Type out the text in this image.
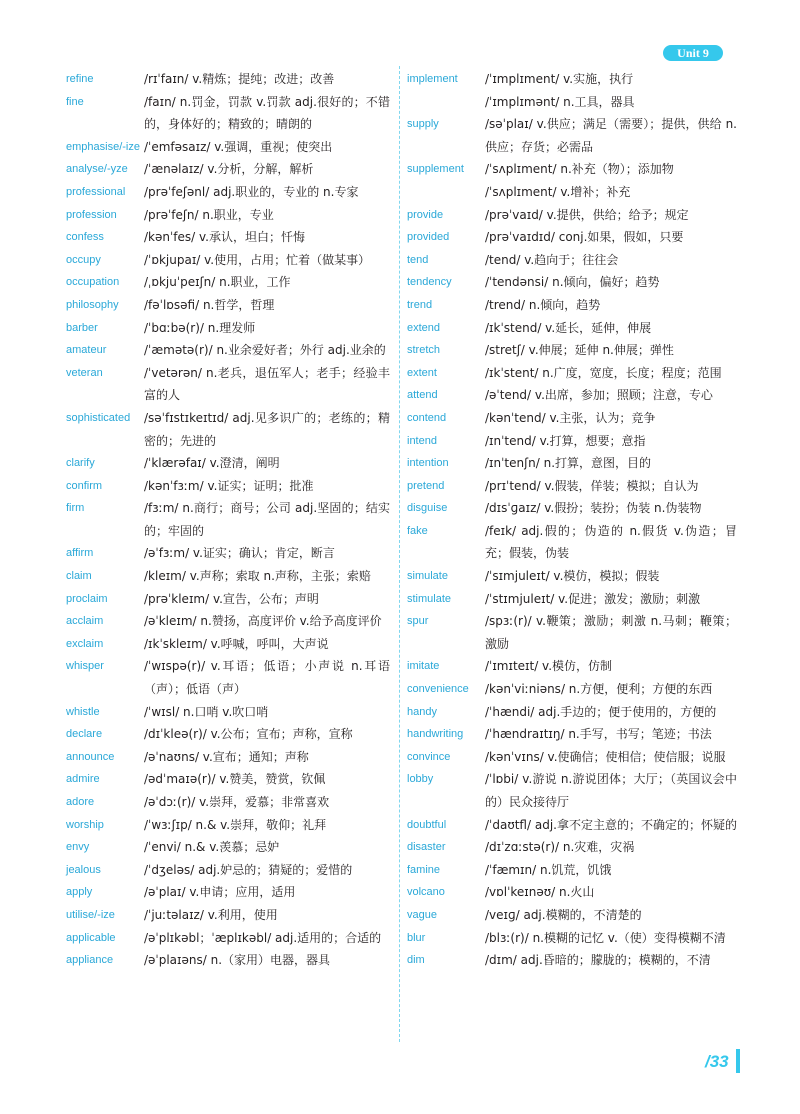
Unit 9
refine	/rɪˈfaɪn/ v.精炼；提纯；改进；改善
fine	/faɪn/ n.罚金，罚款 v.罚款 adj.很好的；不错的，身体好的；精致的；晴朗的
emphasise/-ize /ˈemfəsaɪz/ v.强调，重视；使突出
analyse/-yze	/ˈænəlaɪz/ v.分析，分解，解析
professional	/prəˈfeʃənl/ adj.职业的，专业的 n.专家
profession	/prəˈfeʃn/ n.职业，专业
confess	/kənˈfes/ v.承认，坦白；忏悔
occupy	/ˈɒkjupaɪ/ v.使用，占用；忙着（做某事）
occupation	/ˌɒkjuˈpeɪʃn/ n.职业，工作
philosophy	/fəˈlɒsəfi/ n.哲学，哲理
barber	/ˈbɑːbə(r)/ n.理发师
amateur	/ˈæmətə(r)/ n.业余爱好者；外行 adj.业余的
veteran	/ˈvetərən/ n.老兵，退伍军人；老手；经验丰富的人
sophisticated	/səˈfɪstɪkeɪtɪd/ adj.见多识广的；老练的；精密的；先进的
clarify	/ˈklærəfaɪ/ v.澄清，阐明
confirm	/kənˈfɜːm/ v.证实；证明；批准
firm	/fɜːm/ n.商行；商号；公司 adj.坚固的；结实的；牢固的
affirm	/əˈfɜːm/ v.证实；确认；肯定，断言
claim	/kleɪm/ v.声称；索取 n.声称，主张；索赔
proclaim	/prəˈkleɪm/ v.宣告，公布；声明
acclaim	/əˈkleɪm/ n.赞扬，高度评价 v.给予高度评价
exclaim	/ɪkˈskleɪm/ v.呼喊，呼叫，大声说
whisper	/ˈwɪspə(r)/ v.耳语；低语；小声说 n.耳语（声）；低语（声）
whistle	/ˈwɪsl/ n.口哨 v.吹口哨
declare	/dɪˈkleə(r)/ v.公布；宣布；声称，宣称
announce	/əˈnaʊns/ v.宣布；通知；声称
admire	/ədˈmaɪə(r)/ v.赞美，赞赏，钦佩
adore	/əˈdɔː(r)/ v.崇拜，爱慕；非常喜欢
worship	/ˈwɜːʃɪp/ n.& v.崇拜，敬仰；礼拜
envy	/ˈenvi/ n.& v.羡慕；忌妒
jealous	/ˈdʒeləs/ adj.妒忌的；猜疑的；爱惜的
apply	/əˈplaɪ/ v.申请；应用，适用
utilise/-ize	/ˈjuːtəlaɪz/ v.利用，使用
applicable	/əˈplɪkəbl；ˈæplɪkəbl/ adj.适用的；合适的
appliance	/əˈplaɪəns/ n.（家用）电器，器具
implement	/ˈɪmplɪment/ v.实施，执行
/ˈɪmplɪmənt/ n.工具，器具
supply	/səˈplaɪ/ v.供应；满足（需要）；提供，供给 n.供应；存货；必需品
supplement	/ˈsʌplɪment/ n.补充（物）；添加物
/ˈsʌplɪment/ v.增补；补充
provide	/prəˈvaɪd/ v.提供，供给；给予；规定
provided	/prəˈvaɪdɪd/ conj.如果，假如，只要
tend	/tend/ v.趋向于；往往会
tendency	/ˈtendənsi/ n.倾向，偏好；趋势
trend	/trend/ n.倾向，趋势
extend	/ɪkˈstend/ v.延长，延伸，伸展
stretch	/stretʃ/ v.伸展；延伸 n.伸展；弹性
extent	/ɪkˈstent/ n.广度，宽度，长度；程度；范围
attend	/əˈtend/ v.出席，参加；照顾；注意，专心
contend	/kənˈtend/ v.主张，认为；竞争
intend	/ɪnˈtend/ v.打算，想要；意指
intention	/ɪnˈtenʃn/ n.打算，意图，目的
pretend	/prɪˈtend/ v.假装，佯装；模拟；自认为
disguise	/dɪsˈɡaɪz/ v.假扮；装扮；伪装 n.伪装物
fake	/feɪk/ adj.假的；伪造的 n.假货 v.伪造；冒充；假装，伪装
simulate	/ˈsɪmjuleɪt/ v.模仿，模拟；假装
stimulate	/ˈstɪmjuleɪt/ v.促进；激发；激励；刺激
spur	/spɜː(r)/ v.鞭策；激励；刺激 n.马刺；鞭策；激励
imitate	/ˈɪmɪteɪt/ v.模仿，仿制
convenience	/kənˈviːniəns/ n.方便，便利；方便的东西
handy	/ˈhændi/ adj.手边的；便于使用的，方便的
handwriting	/ˈhændraɪtɪŋ/ n.手写，书写；笔迹；书法
convince	/kənˈvɪns/ v.使确信；使相信；使信服；说服
lobby	/ˈlɒbi/ v.游说 n.游说团体；大厅；（英国议会中的）民众接待厅
doubtful	/ˈdaʊtfl/ adj.拿不定主意的；不确定的；怀疑的
disaster	/dɪˈzɑːstə(r)/ n.灾难，灾祸
famine	/ˈfæmɪn/ n.饥荒，饥饿
volcano	/vɒlˈkeɪnəʊ/ n.火山
vague	/veɪɡ/ adj.模糊的，不清楚的
blur	/blɜː(r)/ n.模糊的记忆 v.（使）变得模糊不清
dim	/dɪm/ adj.昏暗的；朦胧的；模糊的，不清
/33
